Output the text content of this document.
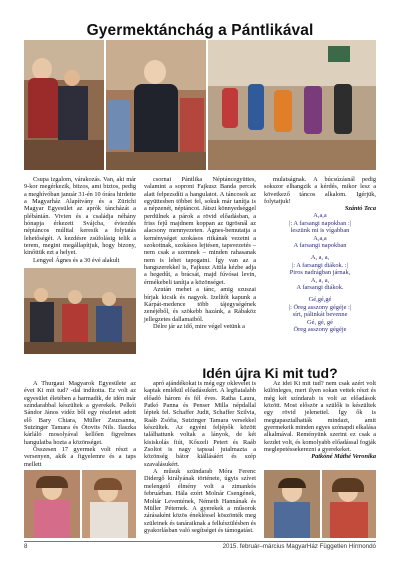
Gyermektánchág a Pántlikával

Csupa izgalom, várakozás. Van, aki már 9-kor megérkezik, bitzos, ami biztos, pedig a meghívóban január 31-én 10 órára hirdette a Magyarház Alapítvány és a Zürichi Magyar Egyesület az aprók táncházát a plébánián. Vivien és a családja néhány hónapja érkezett Svájcba, éviezdés néptáncos múlttal keresik a folytatás lehetőségét. A kezdésre zsúfolásig telik a terem, megint megállapítjuk, hogy bizony, kinőttük ezt a helyet.

Lengyel Ágnes és a 30 évé alakult

csornai Pántlika Néptáncegyüttes, valamint a soproni Fajkusz Banda percek alatt felpezsdíti a hangulatot. A táncosok az együttesben többet fel, sokuk már tanítja is a népzenét, néptáncot. Játszi könnyedséggel perdülnek a párok a rövid előadásban, a friss fejű majdnem koppan az ügrösnál az alacsony mennyezeten. Ágnes-bemutatja a keménységet szokásos ritkának vezetni a szokottnak, szokásos lejtésen, tapsvezetés – nem csak a szemnek – minden rahasanak nem is lehet tapogatni. Így van az a hangszerekkel is, Fajkusz Attila kézbe adja a hegedűt, a brácsát, majd fúvósai levin, érmékebeli tanítja a közönséget.

Azután mehet a tánc, amig szuszai bírjak kicsik és nagyok. Izelítőt kapunk a Kárpát-medence több tájegységének zenéjéből, és szökebb hazánk, a Rábaköz jellegzetes dallamaiból.

Délre jár az idő, mire végel vetünk a

mulatságnak. A búcsúzásnál pedig sokszor elhangzik a kérdés, mikor lesz a következő táncos alkalom. Igérjük, folytatjuk!

Szántó Teca

A,a,a
|: A farsangi napokban :|
leszünk mi is vígabban
A,a,a
A farsangi napokban
A, a, a,
|: A farsangi diákok. :|
Piros nadrágban járnak,
A, a, a,
A farsangi diákok.
Gé,gé,gé
|: Öreg asszony gégéje :|
sírt, pálinkát bevenne
Gé, gé, gé
Öreg asszony gégéje
Idén újra Ki mit tud?

A Thurgaui Magyarok Egyesülete az évet Ki mit tud? -dal indította. Ez volt az egyesület életében a harmadik, de idén már színdarabbal készültek a gyerekek. Pelkói Sándor János vidéz ből egy részletet adott elő Bary Chiara, Müller Zsuzsanna, Sutzinger Tamara és Ótovits Nils. Ilaszka kárláló mosolyával kellően figyelmes hangulatba hozta a közönséget.

Összesen 17 gyermek volt részt a versenyen, akik a figyelemre és a taps mellett

apró ajándékokat is még egy oklevelet is kaptak emlékül előadásukért. A legfiatalabb előadó három és fél éves. Ratha Laura, Patkó Panna és Penser Milla népdallal léptek fel. Schaffer Judit, Schaffer Szilvia, Raáb Zsófia, Sutzinger Tamara versekkel készültek. Az egyéni feljépők között találhattunk voltak a lányok, de két kisiskolás fiút, Kőszeli Petert és Raáb Zsoltot is nagy tapssal jutalmazta a közönség bátor kiállásáért és szép szavalásukért.

A műsuk szündarab Móra Ferenc Didergő királyának története, úgyis szívet melengető élmény volt a zimankós februárban. Hála ezért Molnár Csengének, Moltár Leventének, Németh Hannának és Müller Péternek. A gyerekek a műsorok zárásaként közös énekléssel köszönték meg szüleinek és tanáraiknak a felkészülésben és gyakorlásban való segítséget és támogatást.

Az idei Ki mit tud? nem csak azért volt különleges, mert ilyen sokan vettek részt és még két színdarab is volt az előadások között. Most először a szülők is készültek egy rövid jelenettel. Így ők is megtapasztalhatták mindazt, amit gyermekeik minden egyes szónapdi elkalása alkalmával. Reményünk szerint ez csak a kezdet volt, és komolyabb előadással fogják meglepetéssekerezni a gyerekeket.

Patkóné Máthé Veronika

8	2015. február–március MagyarHáz Független Hírmondó
